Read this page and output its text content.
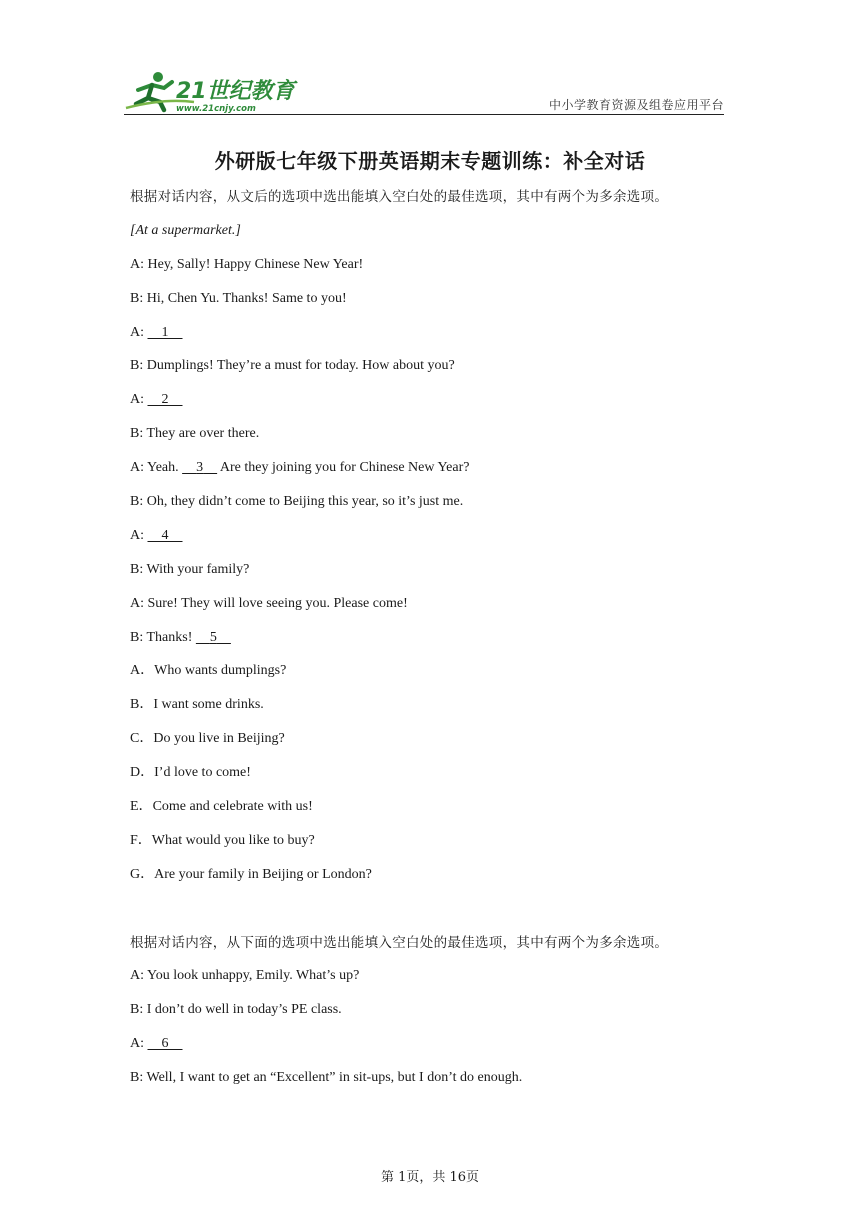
21世纪教育
www.21cnjy.com	中小学教育资源及组卷应用平台
外研版七年级下册英语期末专题训练：补全对话
根据对话内容，从文后的选项中选出能填入空白处的最佳选项，其中有两个为多余选项。
[At a supermarket.]
A: Hey, Sally! Happy Chinese New Year!
B: Hi, Chen Yu. Thanks! Same to you!
A: 1
B: Dumplings! They’re a must for today. How about you?
A: 2
B: They are over there.
A: Yeah. 3 Are they joining you for Chinese New Year?
B: Oh, they didn’t come to Beijing this year, so it’s just me.
A: 4
B: With your family?
A: Sure! They will love seeing you. Please come!
B: Thanks! 5
A．Who wants dumplings?
B．I want some drinks.
C．Do you live in Beijing?
D．I’d love to come!
E．Come and celebrate with us!
F．What would you like to buy?
G．Are your family in Beijing or London?
根据对话内容，从下面的选项中选出能填入空白处的最佳选项，其中有两个为多余选项。
A: You look unhappy, Emily. What’s up?
B: I don’t do well in today’s PE class.
A: 6
B: Well, I want to get an “Excellent” in sit-ups, but I don’t do enough.
第 1页，共 16页
